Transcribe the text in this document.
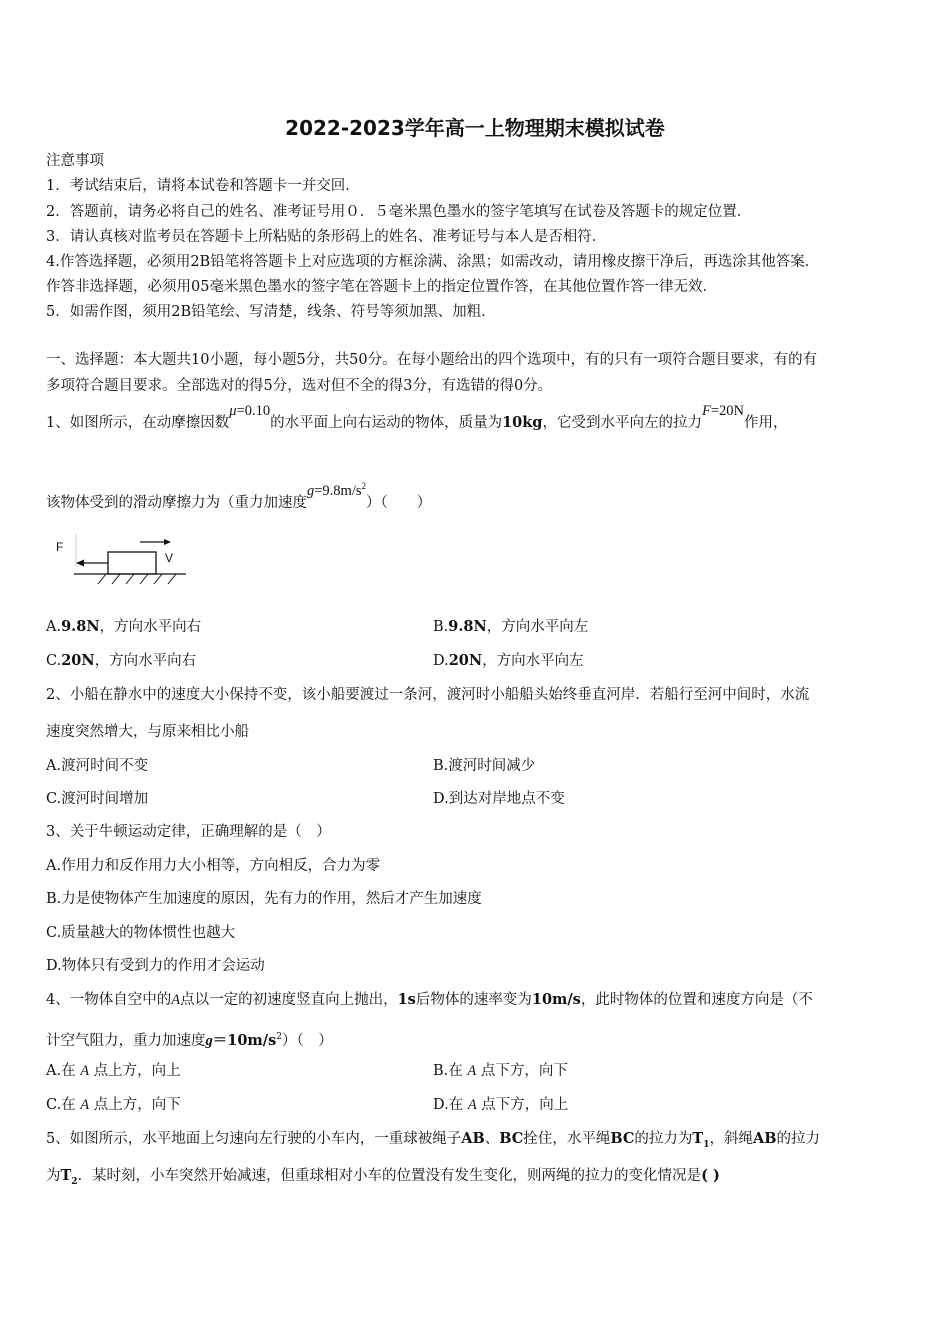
2022-2023学年高一上物理期末模拟试卷
注意事项
1．考试结束后，请将本试卷和答题卡一并交回．
2．答题前，请务必将自己的姓名、准考证号用０．５毫米黑色墨水的签字笔填写在试卷及答题卡的规定位置．
3．请认真核对监考员在答题卡上所粘贴的条形码上的姓名、准考证号与本人是否相符．
4.作答选择题，必须用2B铅笔将答题卡上对应选项的方框涂满、涂黑；如需改动，请用橡皮擦干净后，再选涂其他答案．
作答非选择题，必须用05毫米黑色墨水的签字笔在答题卡上的指定位置作答，在其他位置作答一律无效．
5．如需作图，须用2B铅笔绘、写清楚，线条、符号等须加黑、加粗．
一、选择题：本大题共10小题，每小题5分，共50分。在每小题给出的四个选项中，有的只有一项符合题目要求，有的有
多项符合题目要求。全部选对的得5分，选对但不全的得3分，有选错的得0分。
1、如图所示，在动摩擦因数μ=0.10的水平面上向右运动的物体，质量为10kg，它受到水平向左的拉力F=20N作用，
该物体受到的滑动摩擦力为（重力加速度$g=9.8m/s^2$）（　　）
F
V
A.9.8N，方向水平向右	B.9.8N，方向水平向左
C.20N，方向水平向右	D.20N，方向水平向左
2、小船在静水中的速度大小保持不变，该小船要渡过一条河，渡河时小船船头始终垂直河岸．若船行至河中间时，水流
速度突然增大，与原来相比小船
A.渡河时间不变	B.渡河时间减少
C.渡河时间增加	D.到达对岸地点不变
3、关于牛顿运动定律，正确理解的是（　）
A.作用力和反作用力大小相等，方向相反，合力为零
B.力是使物体产生加速度的原因，先有力的作用，然后才产生加速度
C.质量越大的物体惯性也越大
D.物体只有受到力的作用才会运动
4、一物体自空中的A点以一定的初速度竖直向上抛出，1s后物体的速率变为10m/s，此时物体的位置和速度方向是（不
计空气阻力，重力加速度$g=10m/s^2$）（　）
A.在 A 点上方，向上	B.在 A 点下方，向下
C.在 A 点上方，向下	D.在 A 点下方，向上
5、如图所示，水平地面上匀速向左行驶的小车内，一重球被绳子AB、BC拴住，水平绳BC的拉力为$T_1$，斜绳AB的拉力
为$T_2$．某时刻，小车突然开始减速，但重球相对小车的位置没有发生变化，则两绳的拉力的变化情况是( )
